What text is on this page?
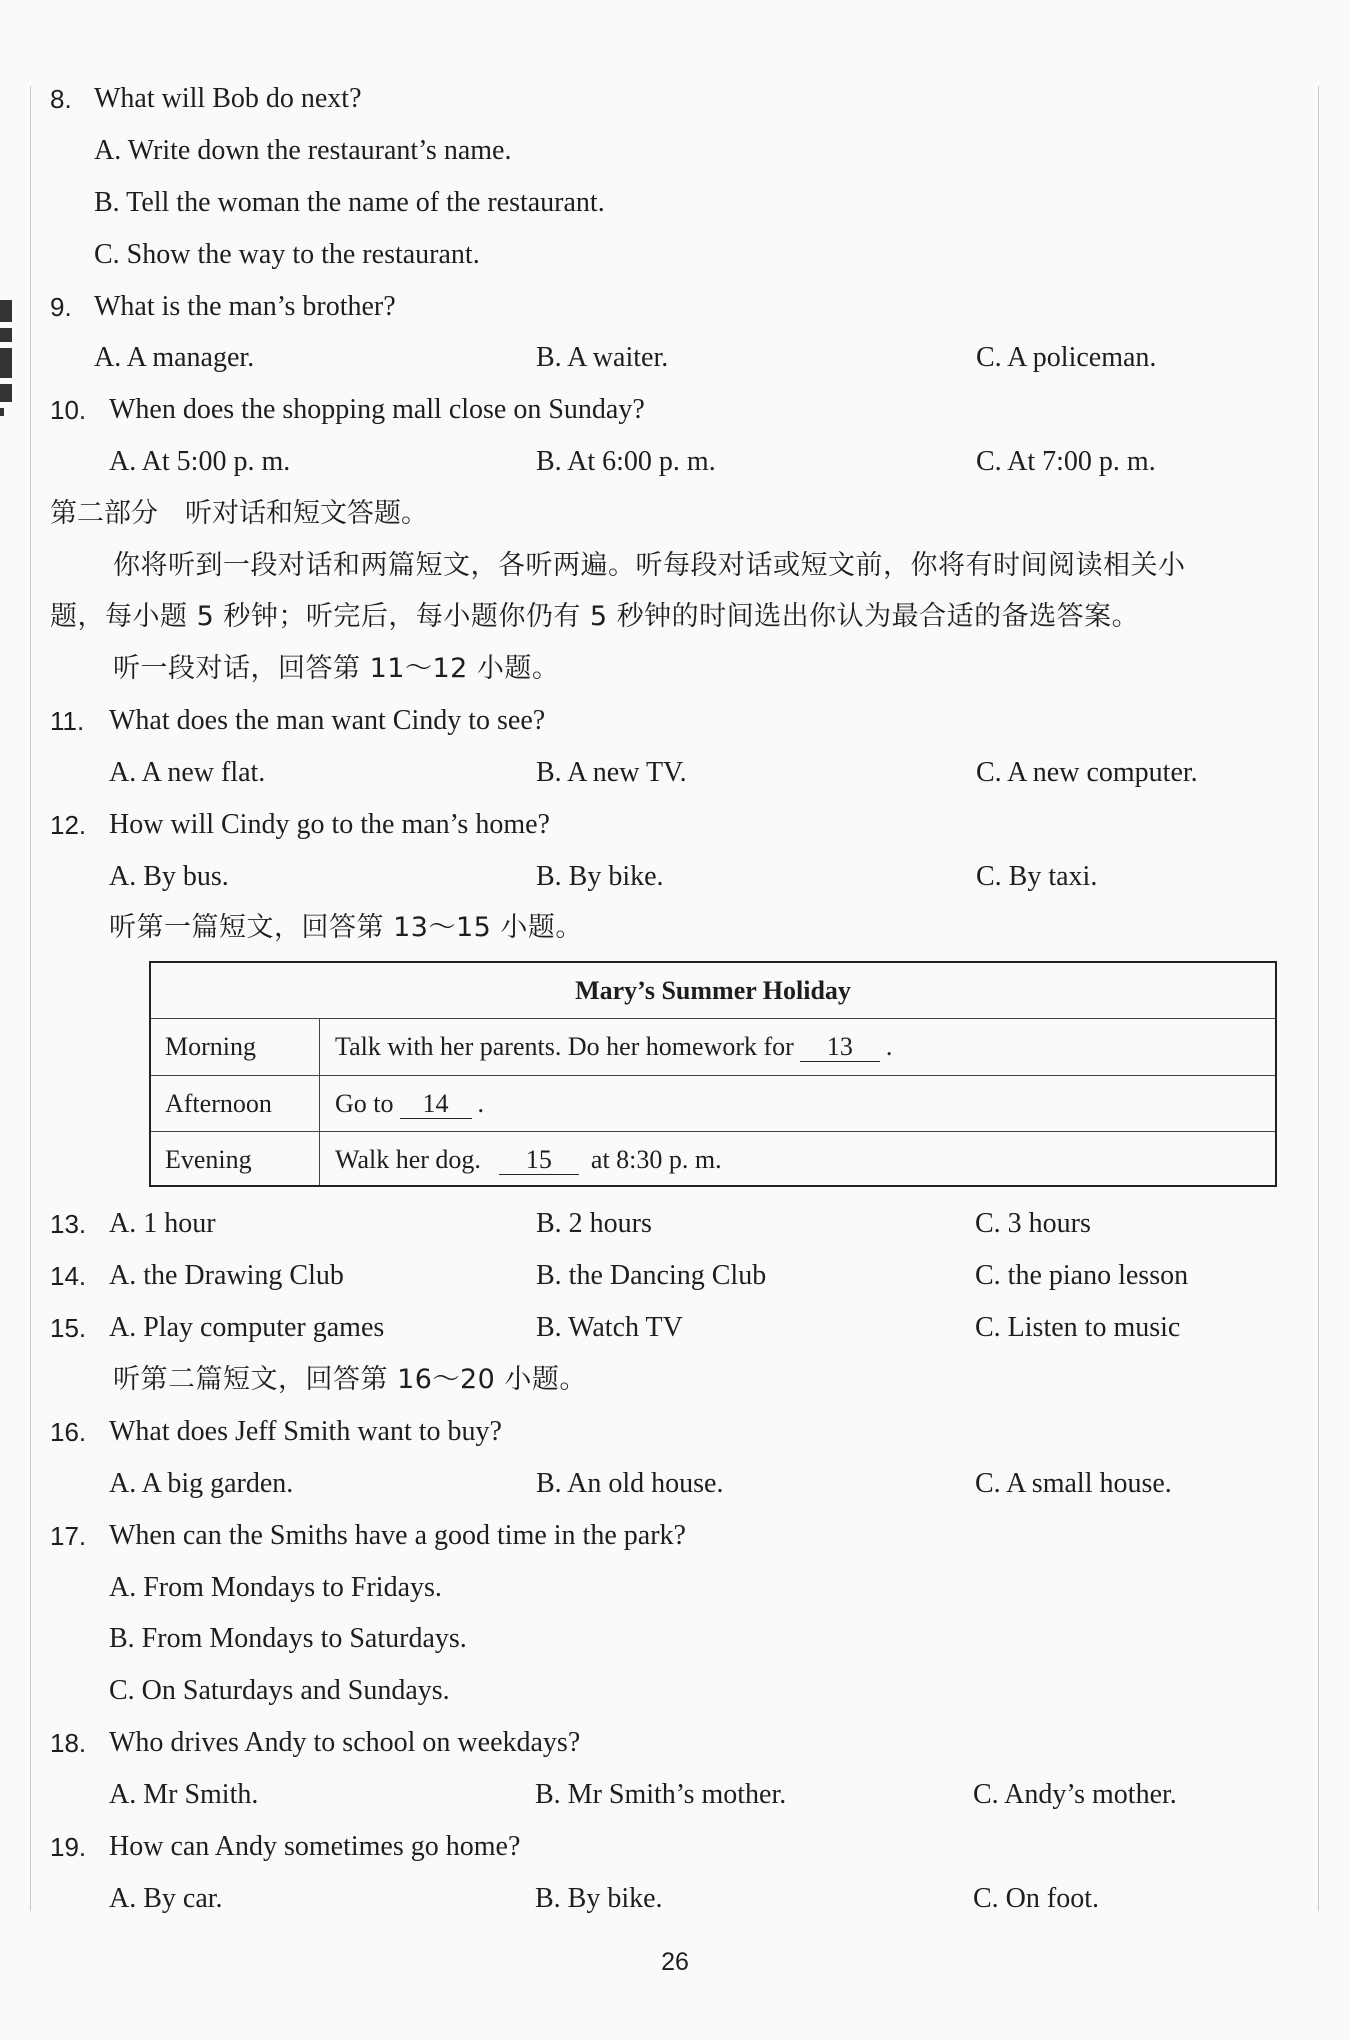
8. What will Bob do next?
A. Write down the restaurant’s name.
B. Tell the woman the name of the restaurant.
C. Show the way to the restaurant.
9. What is the man’s brother?
A. A manager.	B. A waiter.	C. A policeman.
10. When does the shopping mall close on Sunday?
A. At 5:00 p. m.	B. At 6:00 p. m.	C. At 7:00 p. m.
第二部分　听对话和短文答题。
你将听到一段对话和两篇短文，各听两遍。听每段对话或短文前，你将有时间阅读相关小
题，每小题 5 秒钟；听完后，每小题你仍有 5 秒钟的时间选出你认为最合适的备选答案。
听一段对话，回答第 11～12 小题。
11. What does the man want Cindy to see?
A. A new flat.	B. A new TV.	C. A new computer.
12. How will Cindy go to the man’s home?
A. By bus.	B. By bike.	C. By taxi.
听第一篇短文，回答第 13～15 小题。
Mary’s Summer Holiday
Morning	Talk with her parents. Do her homework for 13 .
Afternoon Go to 14 .
Evening	Walk her dog. 15 at 8:30 p. m.
13. A. 1 hour	B. 2 hours	C. 3 hours
14. A. the Drawing Club	B. the Dancing Club	C. the piano lesson
15. A. Play computer games	B. Watch TV	C. Listen to music
听第二篇短文，回答第 16～20 小题。
16. What does Jeff Smith want to buy?
A. A big garden.	B. An old house.	C. A small house.
17. When can the Smiths have a good time in the park?
A. From Mondays to Fridays.
B. From Mondays to Saturdays.
C. On Saturdays and Sundays.
18. Who drives Andy to school on weekdays?
A. Mr Smith.	B. Mr Smith’s mother.	C. Andy’s mother.
19. How can Andy sometimes go home?
A. By car.	B. By bike.	C. On foot.
26
